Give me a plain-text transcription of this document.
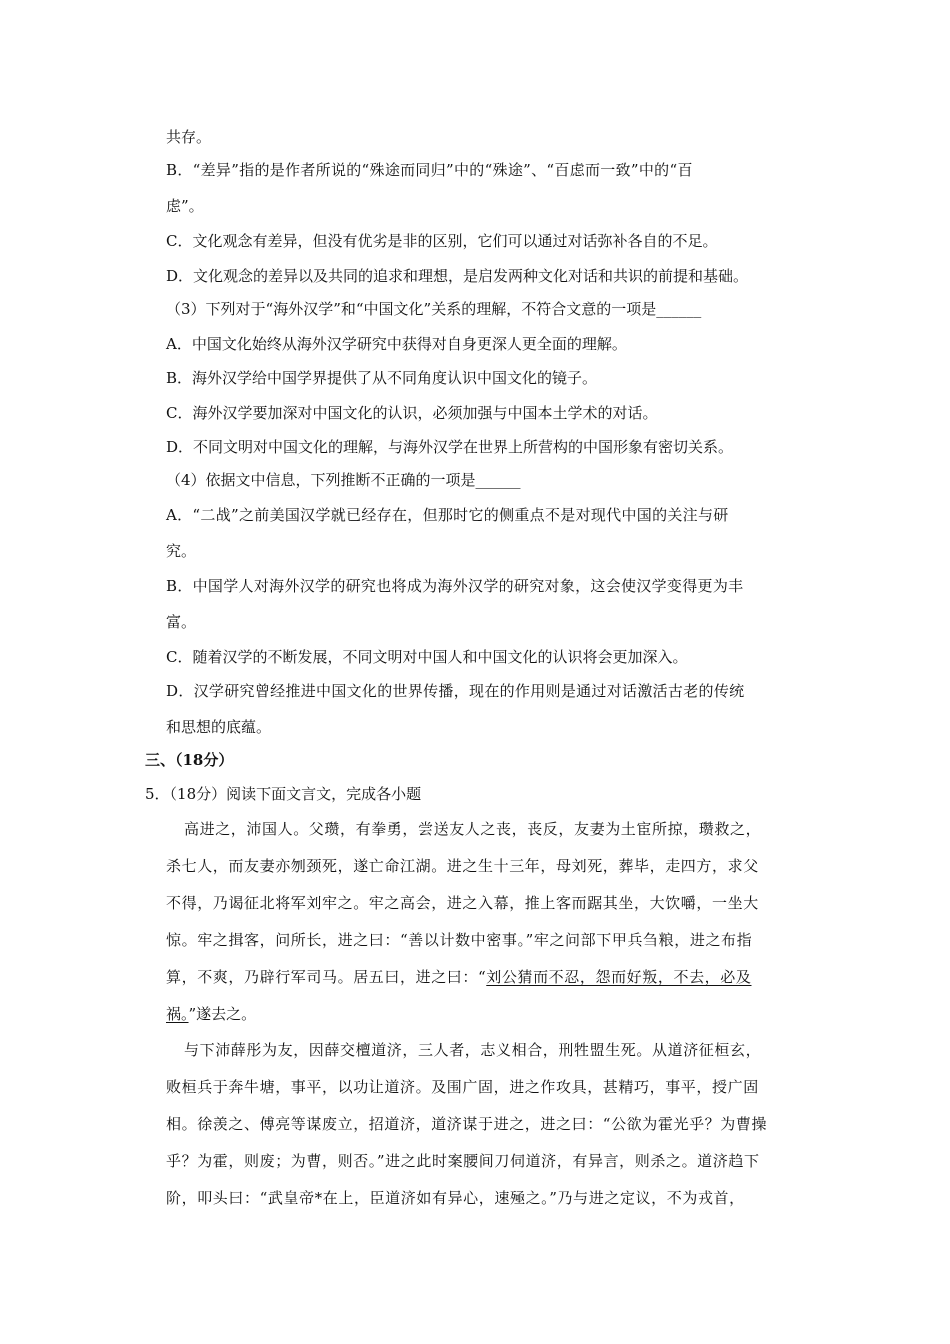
共存。
B．“差异”指的是作者所说的“殊途而同归”中的“殊途”、“百虑而一致”中的“百
虑”。
C．文化观念有差异，但没有优劣是非的区别，它们可以通过对话弥补各自的不足。
D．文化观念的差异以及共同的追求和理想，是启发两种文化对话和共识的前提和基础。
（3）下列对于“海外汉学”和“中国文化”关系的理解，不符合文意的一项是______
A．中国文化始终从海外汉学研究中获得对自身更深人更全面的理解。
B．海外汉学给中国学界提供了从不同角度认识中国文化的镜子。
C．海外汉学要加深对中国文化的认识，必须加强与中国本土学术的对话。
D．不同文明对中国文化的理解，与海外汉学在世界上所营构的中国形象有密切关系。
（4）依据文中信息，下列推断不正确的一项是______
A．“二战”之前美国汉学就已经存在，但那时它的侧重点不是对现代中国的关注与研
究。
B．中国学人对海外汉学的研究也将成为海外汉学的研究对象，这会使汉学变得更为丰
富。
C．随着汉学的不断发展，不同文明对中国人和中国文化的认识将会更加深入。
D．汉学研究曾经推进中国文化的世界传播，现在的作用则是通过对话激活古老的传统
和思想的底蕴。
三、（18分）
5．（18分）阅读下面文言文，完成各小题
高进之，沛国人。父瓒，有拳勇，尝送友人之丧，丧反，友妻为土宦所掠，瓒救之，
杀七人，而友妻亦刎颈死，遂亡命江湖。进之生十三年，母刘死，葬毕，走四方，求父
不得，乃谒征北将军刘牢之。牢之高会，进之入幕，推上客而踞其坐，大饮嚼，一坐大
惊。牢之揖客，问所长，进之曰：“善以计数中密事。”牢之问部下甲兵刍粮，进之布指
算，不爽，乃辟行军司马。居五曰，进之曰：“刘公猜而不忍，怨而好叛，不去，必及
祸。”遂去之。
与下沛薛彤为友，因薛交檀道济，三人者，志义相合，刑牲盟生死。从道济征桓玄，
败桓兵于奔牛塘，事平，以功让道济。及围广固，进之作攻具，甚精巧，事平，授广固
相。徐羡之、傅亮等谋废立，招道济，道济谋于进之，进之曰：“公欲为霍光乎？为曹操
乎？为霍，则废；为曹，则否。”进之此时案腰间刀伺道济，有异言，则杀之。道济趋下
阶，叩头曰：“武皇帝*在上，臣道济如有异心，速殛之。”乃与进之定议，不为戎首，
